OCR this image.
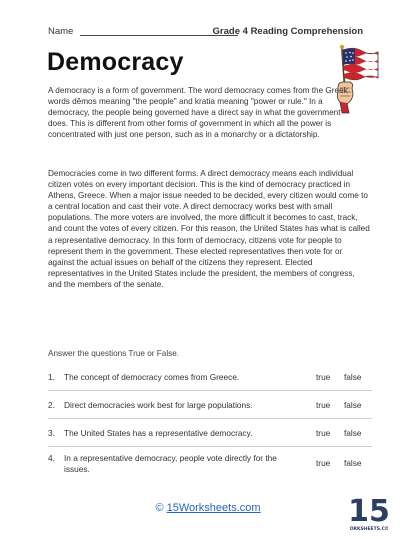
Name	Grade 4 Reading Comprehension
Democracy
A democracy is a form of government. The word democracy comes from the Greek words dêmos meaning "the people" and kratia meaning "power or rule." In a democracy, the people being governed have a direct say in what the government does. This is different from other forms of government in which all the power is concentrated with just one person, such as in a monarchy or a dictatorship.
Democracies come in two different forms. A direct democracy means each individual citizen votes on every important decision. This is the kind of democracy practiced in Athens, Greece. When a major issue needed to be decided, every citizen would come to a central location and cast their vote. A direct democracy works best with small populations. The more voters are involved, the more difficult it becomes to cast, track, and count the votes of every citizen. For this reason, the United States has what is called a representative democracy. In this form of democracy, citizens vote for people to represent them in the government. These elected representatives then vote for or against the actual issues on behalf of the citizens they represent. Elected representatives in the United States include the president, the members of congress, and the members of the senate.
Answer the questions True or False.
1. The concept of democracy comes from Greece.	true false
2. Direct democracies work best for large populations.	true false
3. The United States has a representative democracy.	true false
4. In a representative democracy, people vote directly for the issues.
true false
© 15Worksheets.com	15
ORKSHEETS.CO
